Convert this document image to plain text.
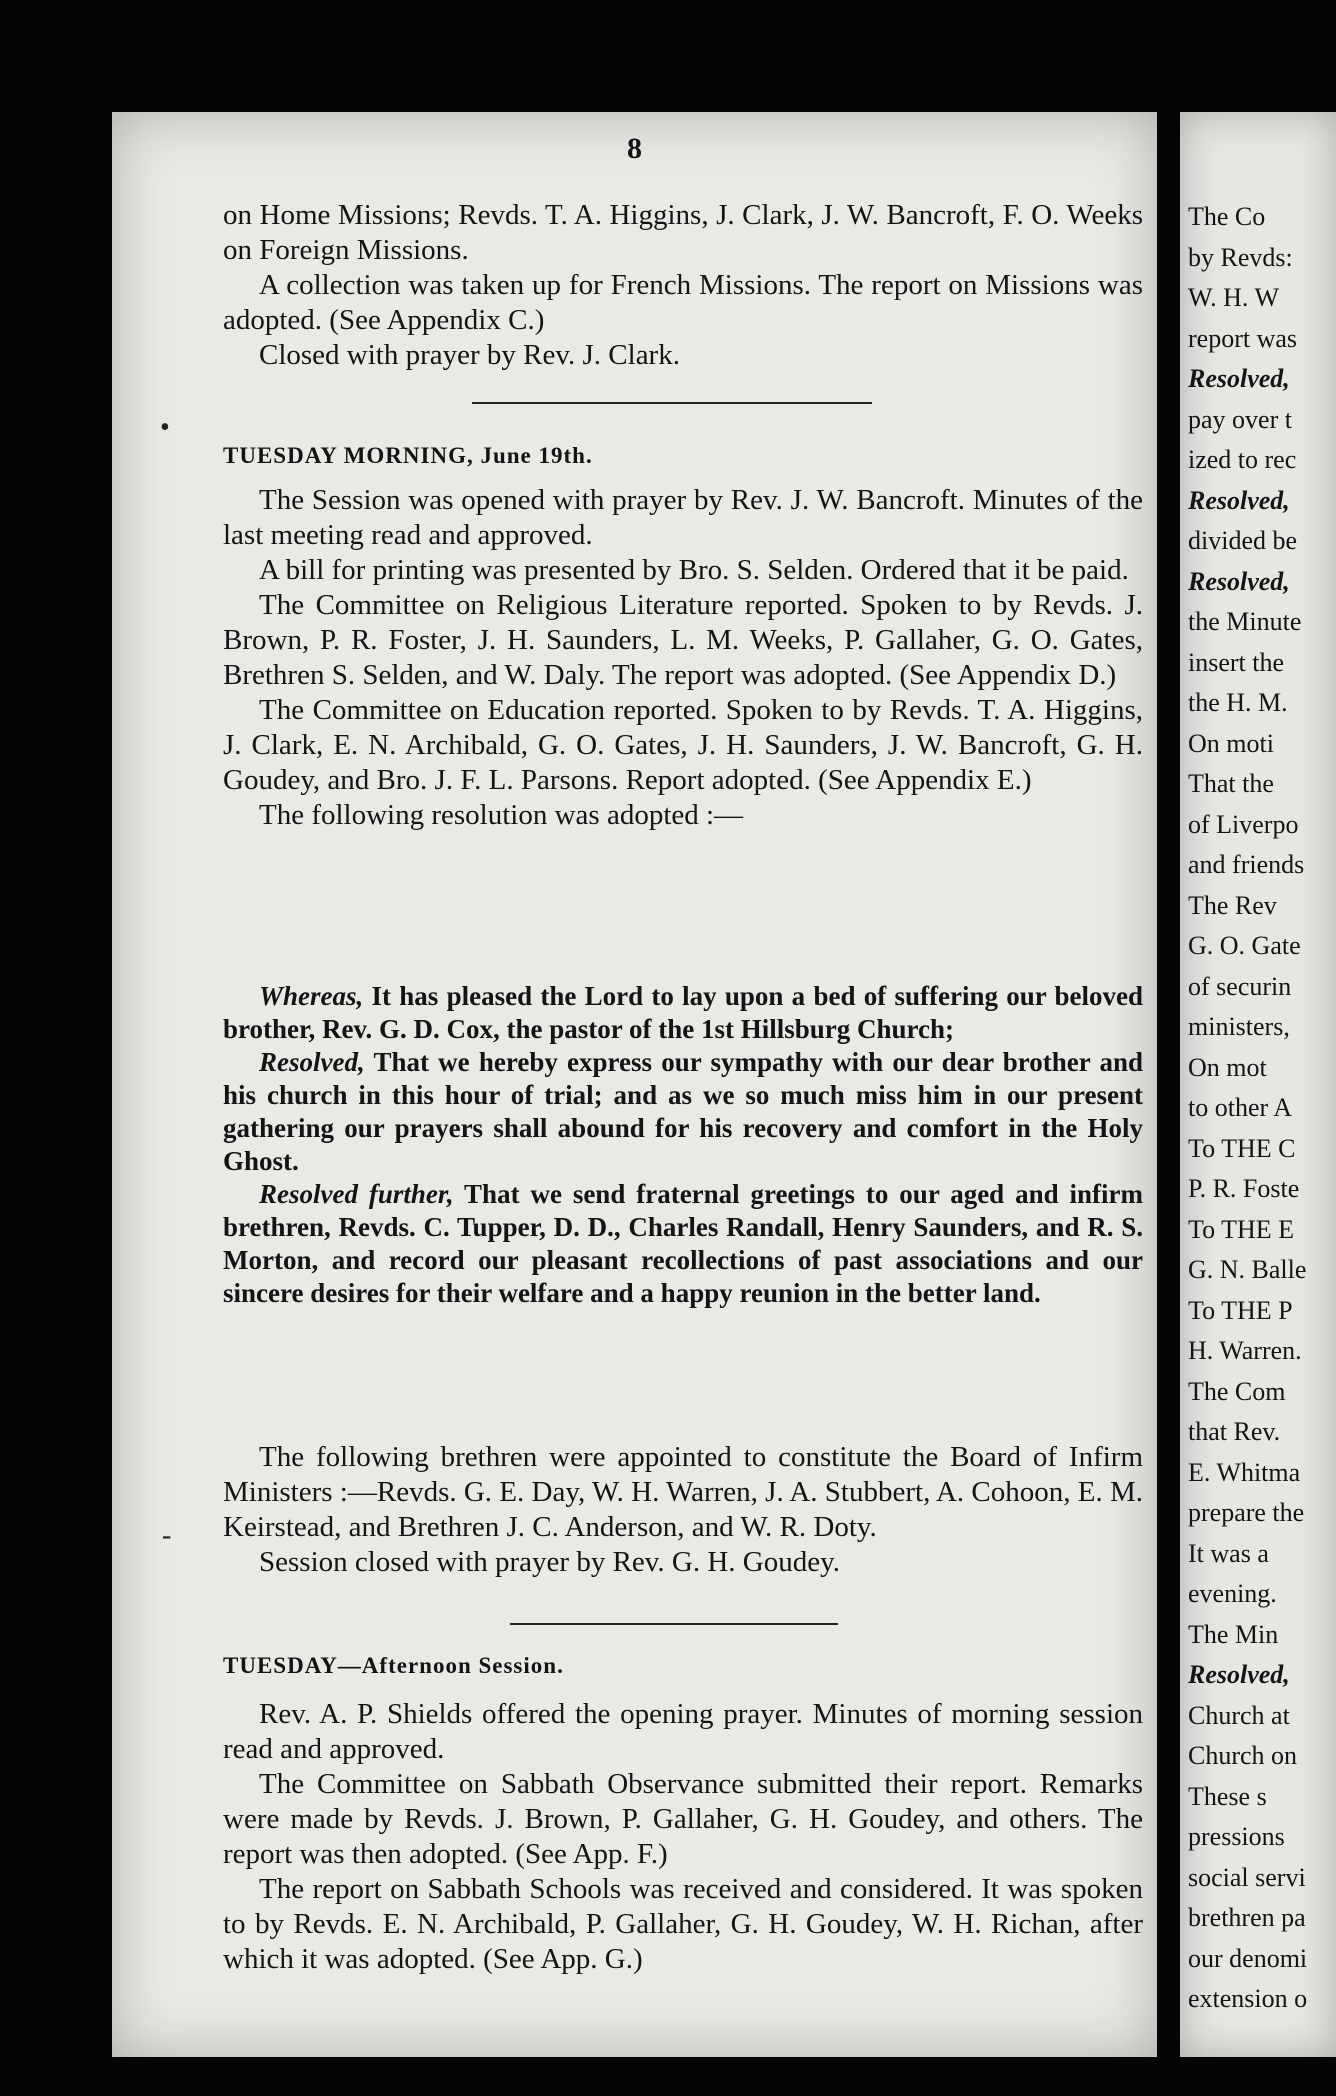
8

on Home Missions; Revds. T. A. Higgins, J. Clark, J. W. Bancroft, F. O. Weeks on Foreign Missions.

A collection was taken up for French Missions. The report on Missions was adopted. (See Appendix C.)

Closed with prayer by Rev. J. Clark.

TUESDAY MORNING, June 19th.

The Session was opened with prayer by Rev. J. W. Bancroft. Minutes of the last meeting read and approved.

A bill for printing was presented by Bro. S. Selden. Ordered that it be paid.

The Committee on Religious Literature reported. Spoken to by Revds. J. Brown, P. R. Foster, J. H. Saunders, L. M. Weeks, P. Gallaher, G. O. Gates, Brethren S. Selden, and W. Daly. The report was adopted. (See Appendix D.)

The Committee on Education reported. Spoken to by Revds. T. A. Higgins, J. Clark, E. N. Archibald, G. O. Gates, J. H. Saunders, J. W. Bancroft, G. H. Goudey, and Bro. J. F. L. Parsons. Report adopted. (See Appendix E.)

The following resolution was adopted :—

Whereas, It has pleased the Lord to lay upon a bed of suffering our beloved brother, Rev. G. D. Cox, the pastor of the 1st Hillsburg Church;

Resolved, That we hereby express our sympathy with our dear brother and his church in this hour of trial; and as we so much miss him in our present gathering our prayers shall abound for his recovery and comfort in the Holy Ghost.

Resolved further, That we send fraternal greetings to our aged and infirm brethren, Revds. C. Tupper, D. D., Charles Randall, Henry Saunders, and R. S. Morton, and record our pleasant recollections of past associations and our sincere desires for their welfare and a happy reunion in the better land.

The following brethren were appointed to constitute the Board of Infirm Ministers :—Revds. G. E. Day, W. H. Warren, J. A. Stubbert, A. Cohoon, E. M. Keirstead, and Brethren J. C. Anderson, and W. R. Doty.

Session closed with prayer by Rev. G. H. Goudey.

TUESDAY—Afternoon Session.

Rev. A. P. Shields offered the opening prayer. Minutes of morning session read and approved.

The Committee on Sabbath Observance submitted their report. Remarks were made by Revds. J. Brown, P. Gallaher, G. H. Goudey, and others. The report was then adopted. (See App. F.)

The report on Sabbath Schools was received and considered. It was spoken to by Revds. E. N. Archibald, P. Gallaher, G. H. Goudey, W. H. Richan, after which it was adopted. (See App. G.)

•
-
The Co
by Revds:
W. H. W
report was
Resolved,
pay over t
ized to rec
Resolved,
divided be
Resolved,
the Minute
insert the
the H. M.
On moti
That the
of Liverpo
and friends
The Rev
G. O. Gate
of securin
ministers,
On mot
to other A
To THE C
P. R. Foste
To THE E
G. N. Balle
To THE P
H. Warren.
The Com
that Rev.
E. Whitma
prepare the
It was a
evening.
The Min
Resolved,
Church at
Church on
These s
pressions
social servi
brethren pa
our denomi
extension o
